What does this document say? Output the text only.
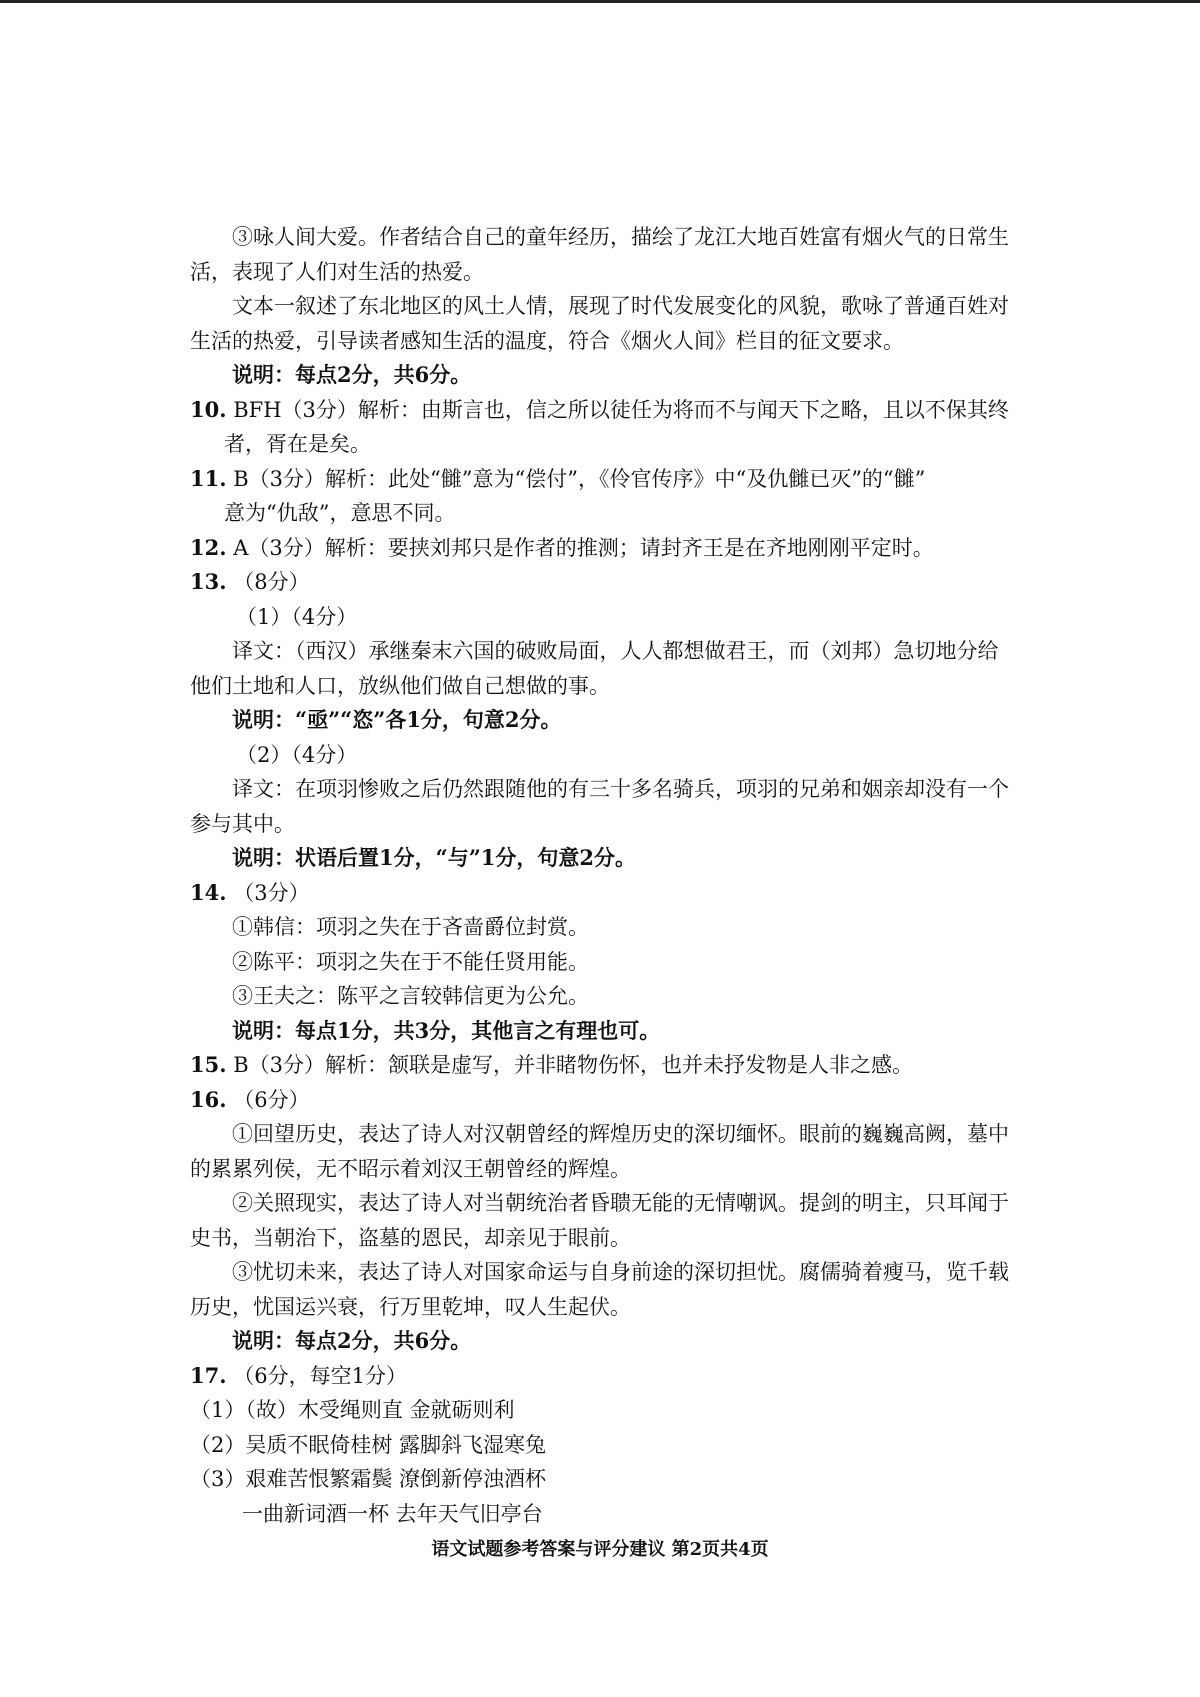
③咏人间大爱。作者结合自己的童年经历，描绘了龙江大地百姓富有烟火气的日常生
活，表现了人们对生活的热爱。
文本一叙述了东北地区的风土人情，展现了时代发展变化的风貌，歌咏了普通百姓对
生活的热爱，引导读者感知生活的温度，符合《烟火人间》栏目的征文要求。
说明：每点2分，共6分。
10. BFH（3分）解析：由斯言也，信之所以徒任为将而不与闻天下之略，且以不保其终
者，胥在是矣。
11. B（3分）解析：此处“雠”意为“偿付”，《伶官传序》中“及仇雠已灭”的“雠”
意为“仇敌”，意思不同。
12. A（3分）解析：要挟刘邦只是作者的推测；请封齐王是在齐地刚刚平定时。
13. （8分）
（1）（4分）
译文：（西汉）承继秦末六国的破败局面，人人都想做君王，而（刘邦）急切地分给
他们土地和人口，放纵他们做自己想做的事。
说明：“亟”“恣”各1分，句意2分。
（2）（4分）
译文：在项羽惨败之后仍然跟随他的有三十多名骑兵，项羽的兄弟和姻亲却没有一个
参与其中。
说明：状语后置1分，“与”1分，句意2分。
14. （3分）
①韩信：项羽之失在于吝啬爵位封赏。
②陈平：项羽之失在于不能任贤用能。
③王夫之：陈平之言较韩信更为公允。
说明：每点1分，共3分，其他言之有理也可。
15. B（3分）解析：颔联是虚写，并非睹物伤怀，也并未抒发物是人非之感。
16. （6分）
①回望历史，表达了诗人对汉朝曾经的辉煌历史的深切缅怀。眼前的巍巍高阙，墓中
的累累列侯，无不昭示着刘汉王朝曾经的辉煌。
②关照现实，表达了诗人对当朝统治者昏聩无能的无情嘲讽。提剑的明主，只耳闻于
史书，当朝治下，盗墓的恩民，却亲见于眼前。
③忧切未来，表达了诗人对国家命运与自身前途的深切担忧。腐儒骑着瘦马，览千载
历史，忧国运兴衰，行万里乾坤，叹人生起伏。
说明：每点2分，共6分。
17. （6分，每空1分）
（1）（故）木受绳则直 金就砺则利
（2）吴质不眠倚桂树 露脚斜飞湿寒兔
（3）艰难苦恨繁霜鬓 潦倒新停浊酒杯
一曲新词酒一杯 去年天气旧亭台
语文试题参考答案与评分建议 第2页共4页
